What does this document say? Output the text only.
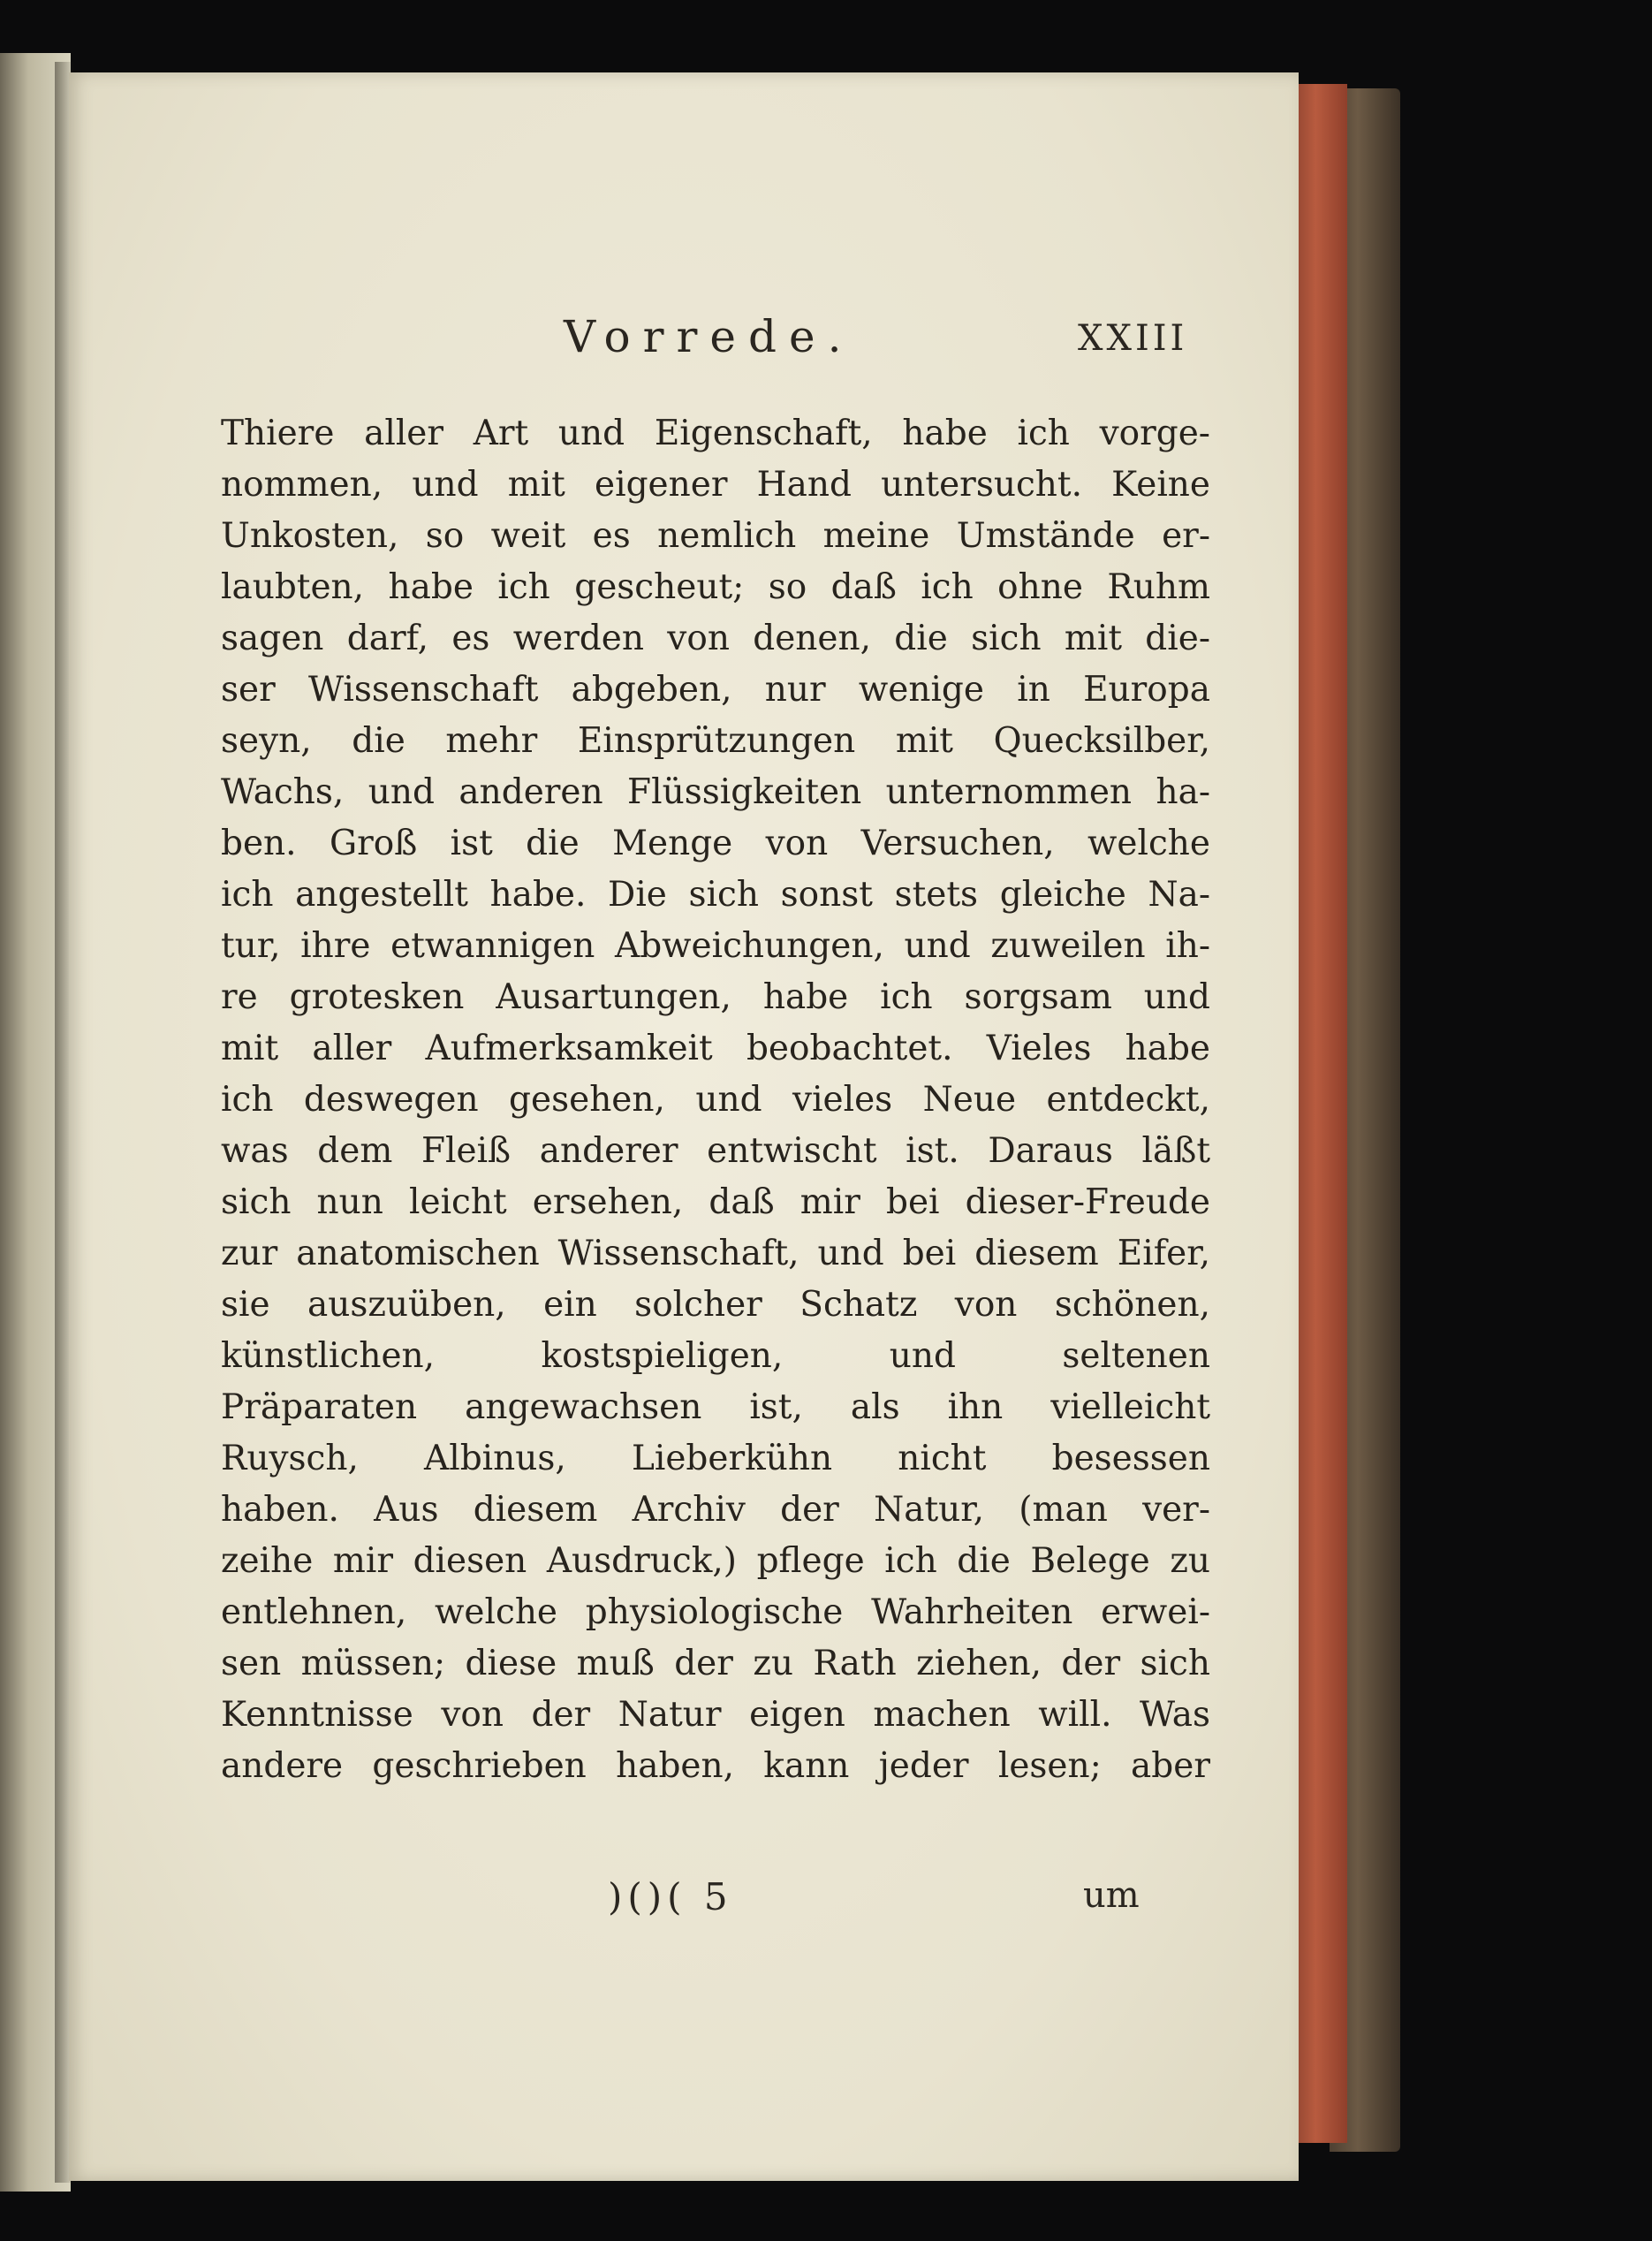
Vorrede.	XXIII
Thiere aller Art und Eigenschaft, habe ich vorge-
nommen, und mit eigener Hand untersucht. Keine
Unkosten, so weit es nemlich meine Umstände er-
laubten, habe ich gescheut; so daß ich ohne Ruhm
sagen darf, es werden von denen, die sich mit die-
ser Wissenschaft abgeben, nur wenige in Europa
seyn, die mehr Einsprützungen mit Quecksilber,
Wachs, und anderen Flüssigkeiten unternommen ha-
ben. Groß ist die Menge von Versuchen, welche
ich angestellt habe. Die sich sonst stets gleiche Na-
tur, ihre etwannigen Abweichungen, und zuweilen ih-
re grotesken Ausartungen, habe ich sorgsam und
mit aller Aufmerksamkeit beobachtet. Vieles habe
ich deswegen gesehen, und vieles Neue entdeckt,
was dem Fleiß anderer entwischt ist. Daraus läßt
sich nun leicht ersehen, daß mir bei dieser-Freude
zur anatomischen Wissenschaft, und bei diesem Eifer,
sie auszuüben, ein solcher Schatz von schönen,
künstlichen, kostspieligen, und seltenen
Präparaten angewachsen ist, als ihn vielleicht
Ruysch, Albinus, Lieberkühn nicht besessen
haben. Aus diesem Archiv der Natur, (man ver-
zeihe mir diesen Ausdruck,) pflege ich die Belege zu
entlehnen, welche physiologische Wahrheiten erwei-
sen müssen; diese muß der zu Rath ziehen, der sich
Kenntnisse von der Natur eigen machen will. Was
andere geschrieben haben, kann jeder lesen; aber
)()( 5	um
